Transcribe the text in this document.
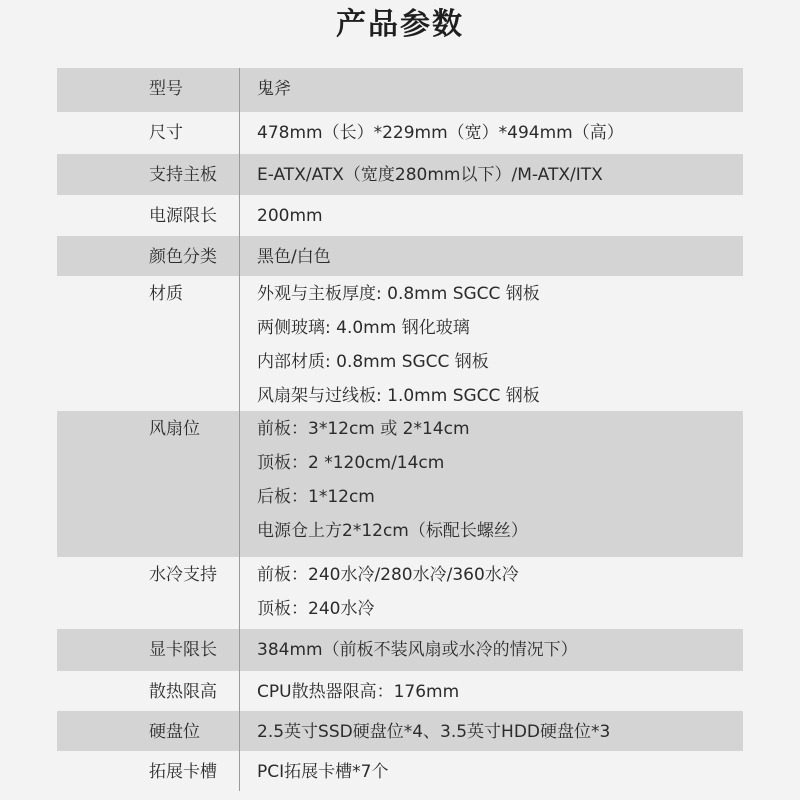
产品参数
型号	鬼斧
尺寸	478mm（长）*229mm（宽）*494mm（高）
支持主板	E-ATX/ATX（宽度280mm以下）/M-ATX/ITX
电源限长	200mm
颜色分类	黑色/白色
材质	外观与主板厚度: 0.8mm SGCC 钢板
两侧玻璃: 4.0mm 钢化玻璃
内部材质: 0.8mm SGCC 钢板
风扇架与过线板: 1.0mm SGCC 钢板
风扇位	前板：3*12cm 或 2*14cm
顶板：2 *120cm/14cm
后板：1*12cm
电源仓上方2*12cm（标配长螺丝）
水冷支持	前板：240水冷/280水冷/360水冷
顶板：240水冷
显卡限长	384mm（前板不装风扇或水冷的情况下）
散热限高	CPU散热器限高：176mm
硬盘位	2.5英寸SSD硬盘位*4、3.5英寸HDD硬盘位*3
拓展卡槽	PCI拓展卡槽*7个
